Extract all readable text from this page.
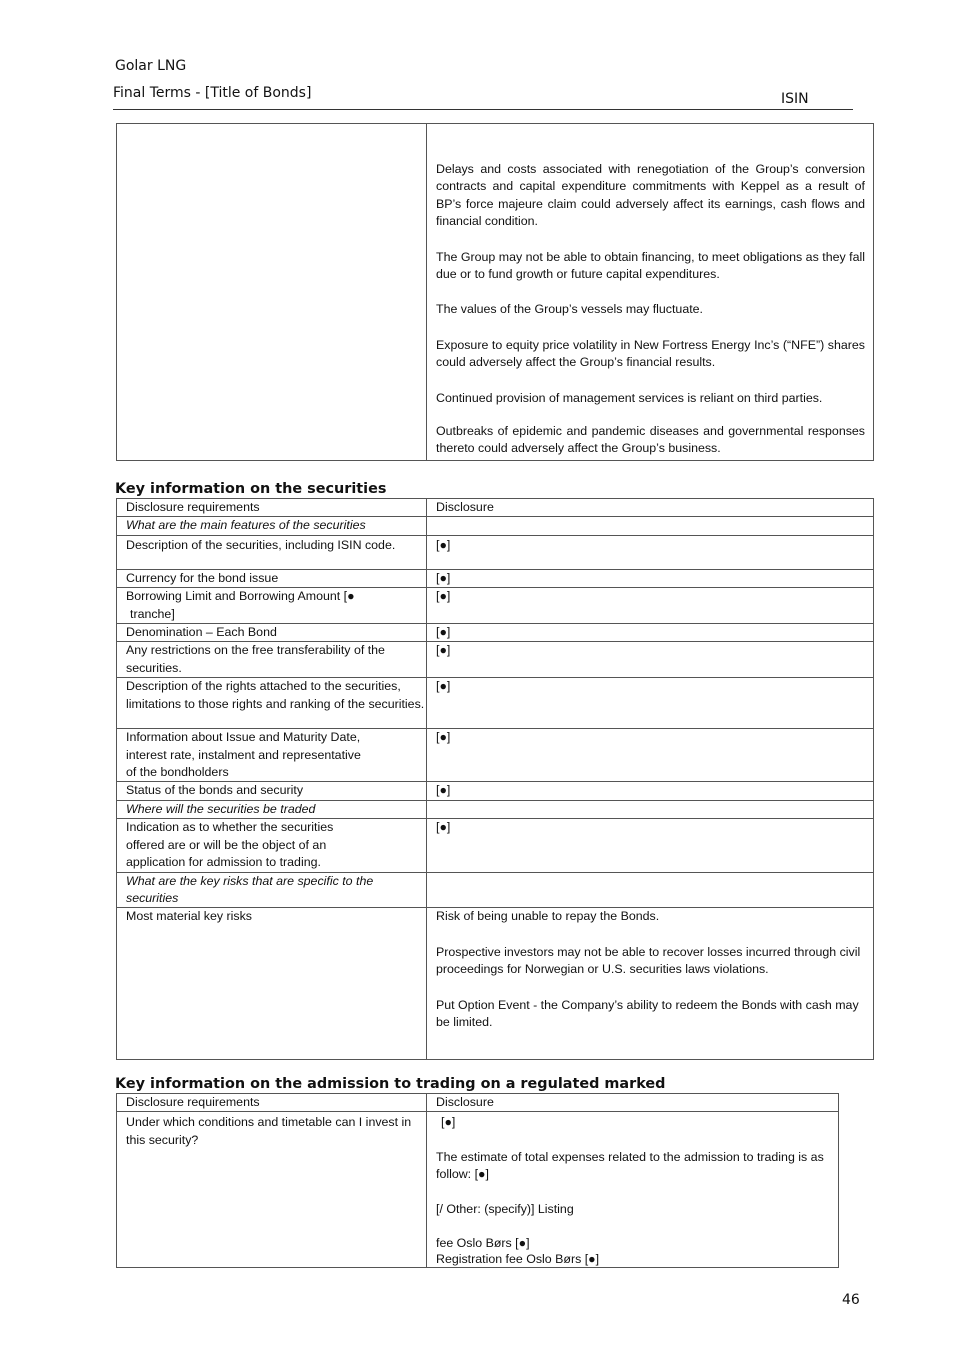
Golar LNG
Final Terms - [Title of Bonds]	ISIN

Delays and costs associated with renegotiation of the Group’s conversion contracts and capital expenditure commitments with Keppel as a result of BP’s force majeure claim could adversely affect its earnings, cash flows and financial condition.

The Group may not be able to obtain financing, to meet obligations as they fall due or to fund growth or future capital expenditures.

The values of the Group’s vessels may fluctuate.

Exposure to equity price volatility in New Fortress Energy Inc’s (“NFE”) shares could adversely affect the Group’s financial results.

Continued provision of management services is reliant on third parties.

Outbreaks of epidemic and pandemic diseases and governmental responses thereto could adversely affect the Group’s business.

Key information on the securities
Disclosure requirements	Disclosure
What are the main features of the securities	
Description of the securities, including ISIN code.	[●]
Currency for the bond issue	[●]

Borrowing Limit and Borrowing Amount [●
tranche]	[●]
Denomination – Each Bond	[●]
Any restrictions on the free transferability of the securities.	[●]
Description of the rights attached to the securities, limitations to those rights and ranking of the securities.	[●]

Information about Issue and Maturity Date,
interest rate, instalment and representative
of the bondholders	[●]
Status of the bonds and security	[●]
Where will the securities be traded	

Indication as to whether the securities
offered are or will be the object of an
application for admission to trading.	[●]
What are the key risks that are specific to the securities	
Most material key risks	Risk of being unable to repay the Bonds.

Prospective investors may not be able to recover losses incurred through civil proceedings for Norwegian or U.S. securities laws violations.

Put Option Event - the Company’s ability to redeem the Bonds with cash may be limited.

Key information on the admission to trading on a regulated marked
Disclosure requirements	Disclosure
Under which conditions and timetable can I invest in this security?	[●]

The estimate of total expenses related to the admission to trading is as follow: [●]

[/ Other: (specify)] Listing

fee Oslo Børs [●]

Registration fee Oslo Børs [●]

46
